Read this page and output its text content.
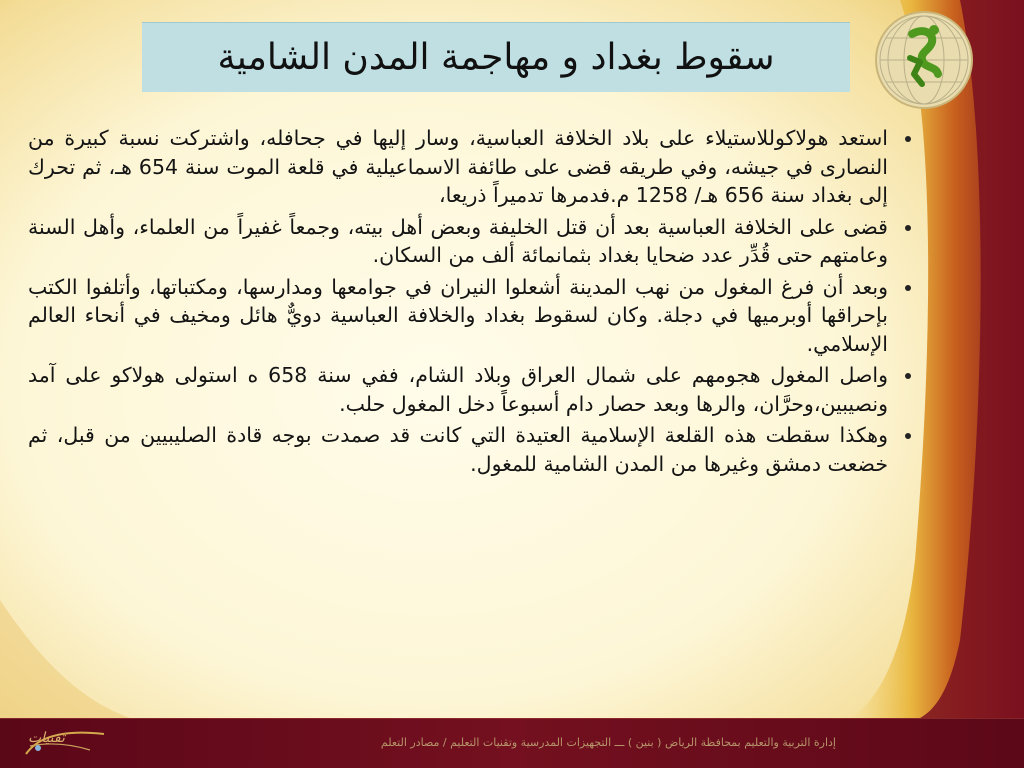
تقنيات	إدارة التربية والتعليم بمحافظة الرياض ( بنين ) ـــ التجهيزات المدرسية وتقنيات التعليم / مصادر التعلم
سقوط بغداد و مهاجمة المدن الشامية
استعد هولاكوللاستيلاء على بلاد الخلافة العباسية، وسار إليها في جحافله، واشتركت نسبة كبيرة من النصارى في جيشه، وفي طريقه قضى على طائفة الاسماعيلية في قلعة الموت سنة 654 هـ، ثم تحرك إلى بغداد سنة 656 هـ/ 1258 م.فدمرها تدميراً ذريعا،
قضى على الخلافة العباسية بعد أن قتل الخليفة وبعض أهل بيته، وجمعاً غفيراً من العلماء، وأهل السنة وعامتهم حتى قُدِّر عدد ضحايا بغداد بثمانمائة ألف من السكان.
وبعد أن فرغ المغول من نهب المدينة أشعلوا النيران في جوامعها ومدارسها، ومكتباتها، وأتلفوا الكتب بإحراقها أوبرميها في دجلة. وكان لسقوط بغداد والخلافة العباسية دويٌّ هائل ومخيف في أنحاء العالم الإسلامي.
واصل المغول هجومهم على شمال العراق وبلاد الشام، ففي سنة 658 ه استولى هولاكو على آمد ونصيبين،وحرَّان، والرها وبعد حصار دام أسبوعاً دخل المغول حلب.
وهكذا سقطت هذه القلعة الإسلامية العتيدة التي كانت قد صمدت بوجه قادة الصليبيين من قبل، ثم خضعت دمشق وغيرها من المدن الشامية للمغول.
